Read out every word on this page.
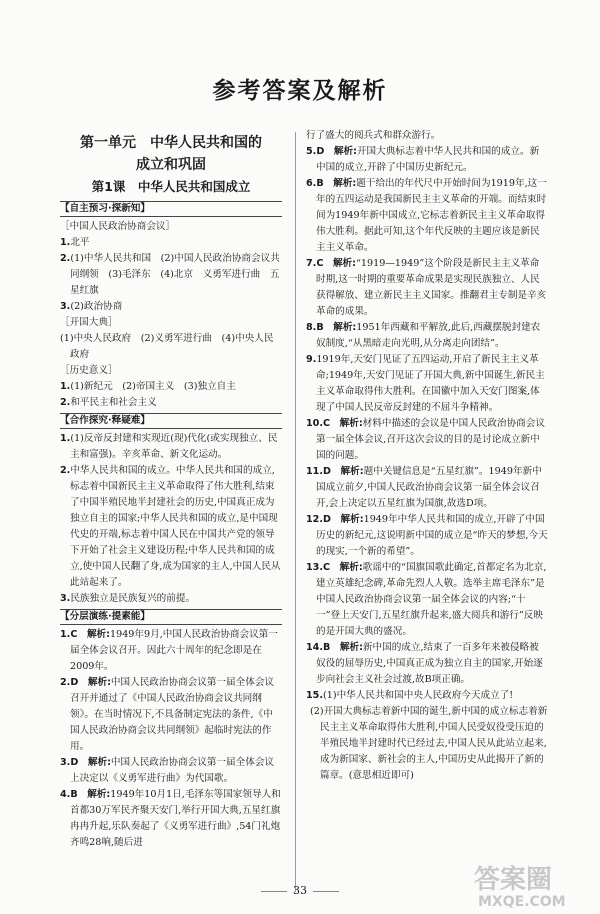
参考答案及解析
第一单元　中华人民共和国的
成立和巩固
第1课　中华人民共和国成立
【自主预习·探新知】
［中国人民政治协商会议］

1.北平

2.(1)中华人民共和国　(2)中国人民政治协商会议共同纲领　(3)毛泽东　(4)北京　义勇军进行曲　五星红旗

3.(2)政治协商

［开国大典］

(1)中央人民政府　(2)义勇军进行曲　(4)中央人民政府

［历史意义］

1.(1)新纪元　(2)帝国主义　(3)独立自主

2.和平民主和社会主义

【合作探究·释疑难】

1.(1)反帝反封建和实现近(现)代化(或实现独立、民主和富强)。辛亥革命、新文化运动。

2.中华人民共和国的成立。中华人民共和国的成立,标志着中国新民主主义革命取得了伟大胜利,结束了中国半殖民地半封建社会的历史,中国真正成为独立自主的国家;中华人民共和国的成立,是中国现代史的开端,标志着中国人民在中国共产党的领导下开始了社会主义建设历程;中华人民共和国的成立,使中国人民翻了身,成为国家的主人,中国人民从此站起来了。

3.民族独立是民族复兴的前提。

【分层演练·提素能】

1.C　解析:1949年9月,中国人民政治协商会议第一届全体会议召开。因此六十周年的纪念即是在2009年。

2.D　解析:中国人民政治协商会议第一届全体会议召开并通过了《中国人民政治协商会议共同纲领》。在当时情况下,不具备制定宪法的条件,《中国人民政治协商会议共同纲领》起临时宪法的作用。

3.D　解析:中国人民政治协商会议第一届全体会议上决定以《义勇军进行曲》为代国歌。

4.B　解析:1949年10月1日,毛泽东等国家领导人和首都30万军民齐聚天安门,举行开国大典,五星红旗冉冉升起,乐队奏起了《义勇军进行曲》,54门礼炮齐鸣28响,随后进

行了盛大的阅兵式和群众游行。

5.D　解析:开国大典标志着中华人民共和国的成立。新中国的成立,开辟了中国历史新纪元。

6.B　解析:题干给出的年代尺中开始时间为1919年,这一年的五四运动是我国新民主主义革命的开端。而结束时间为1949年新中国成立,它标志着新民主主义革命取得伟大胜利。据此可知,这个年代反映的主题应该是新民主主义革命。

7.C　解析:“1919—1949”这个阶段是新民主主义革命时期,这一时期的重要革命成果是实现民族独立、人民获得解放、建立新民主主义国家。推翻君主专制是辛亥革命的成果。

8.B　解析:1951年西藏和平解放,此后,西藏摆脱封建农奴制度,“从黑暗走向光明,从分离走向团结”。

9.1919年,天安门见证了五四运动,开启了新民主主义革命;1949年,天安门见证了开国大典,新中国诞生,新民主主义革命取得伟大胜利。在国徽中加入天安门图案,体现了中国人民反帝反封建的不屈斗争精神。

10.C　解析:材料中描述的会议是中国人民政治协商会议第一届全体会议,召开这次会议的目的是讨论成立新中国的问题。

11.D　解析:题中关键信息是“五星红旗”。1949年新中国成立前夕,中国人民政治协商会议第一届全体会议召开,会上决定以五星红旗为国旗,故选D项。

12.D　解析:1949年中华人民共和国的成立,开辟了中国历史的新纪元,这说明新中国的成立是“昨天的梦想,今天的现实,一个新的希望”。

13.C　解析:歌谣中的“国旗国歌此确定,首都定名为北京,建立英雄纪念碑,革命先烈人人敬。选举主席毛泽东”是中国人民政治协商会议第一届全体会议的内容;“十一”登上天安门,五星红旗升起来,盛大阅兵和游行”反映的是开国大典的盛况。

14.B　解析:新中国的成立,结束了一百多年来被侵略被奴役的屈辱历史,中国真正成为独立自主的国家,开始逐步向社会主义社会过渡,故B项正确。

15.(1)中华人民共和国中央人民政府今天成立了!

(2)开国大典标志着新中国的诞生,新中国的成立标志着新民主主义革命取得伟大胜利,中国人民受奴役受压迫的半殖民地半封建时代已经过去,中国人民从此站立起来,成为新国家、新社会的主人,中国历史从此揭开了新的篇章。(意思相近即可)

33	答案圈
MXQE.COM
